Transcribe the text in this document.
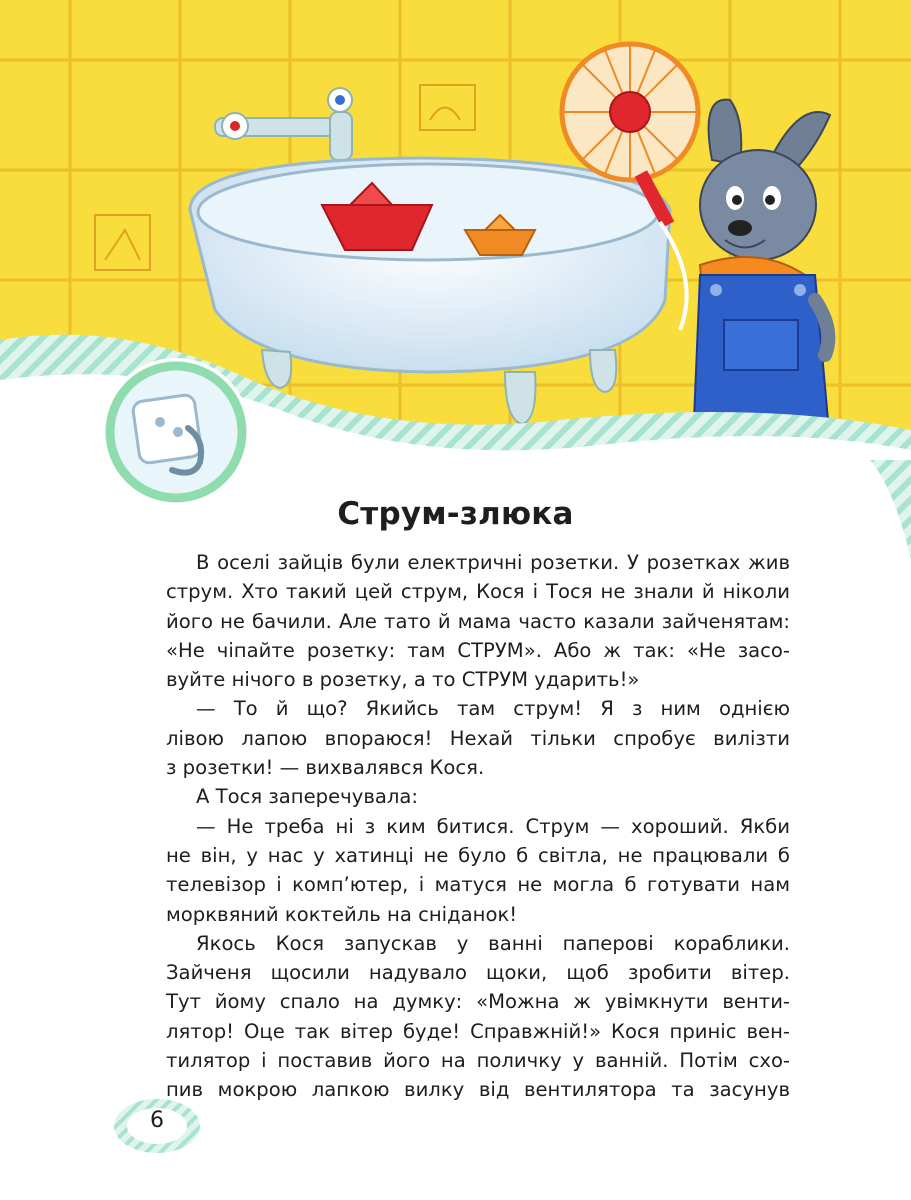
Струм-злюка
В оселі зайців були електричні розетки. У розетках жив
струм. Хто такий цей струм, Кося і Тося не знали й ніколи
його не бачили. Але тато й мама часто казали зайченятам:
«Не чіпайте розетку: там СТРУМ». Або ж так: «Не засо-
вуйте нічого в розетку, а то СТРУМ ударить!»
— То й що? Якийсь там струм! Я з ним однією
лівою лапою впораюся! Нехай тільки спробує вилізти
з розетки! — вихвалявся Кося.
А Тося заперечувала:
— Не треба ні з ким битися. Струм — хороший. Якби
не він, у нас у хатинці не було б світла, не працювали б
телевізор і комп’ютер, і матуся не могла б готувати нам
морквяний коктейль на сніданок!
Якось Кося запускав у ванні паперові кораблики.
Зайченя щосили надувало щоки, щоб зробити вітер.
Тут йому спало на думку: «Можна ж увімкнути венти-
лятор! Оце так вітер буде! Справжній!» Кося приніс вен-
тилятор і поставив його на поличку у ванній. Потім схо-
пив мокрою лапкою вилку від вентилятора та засунув
6
